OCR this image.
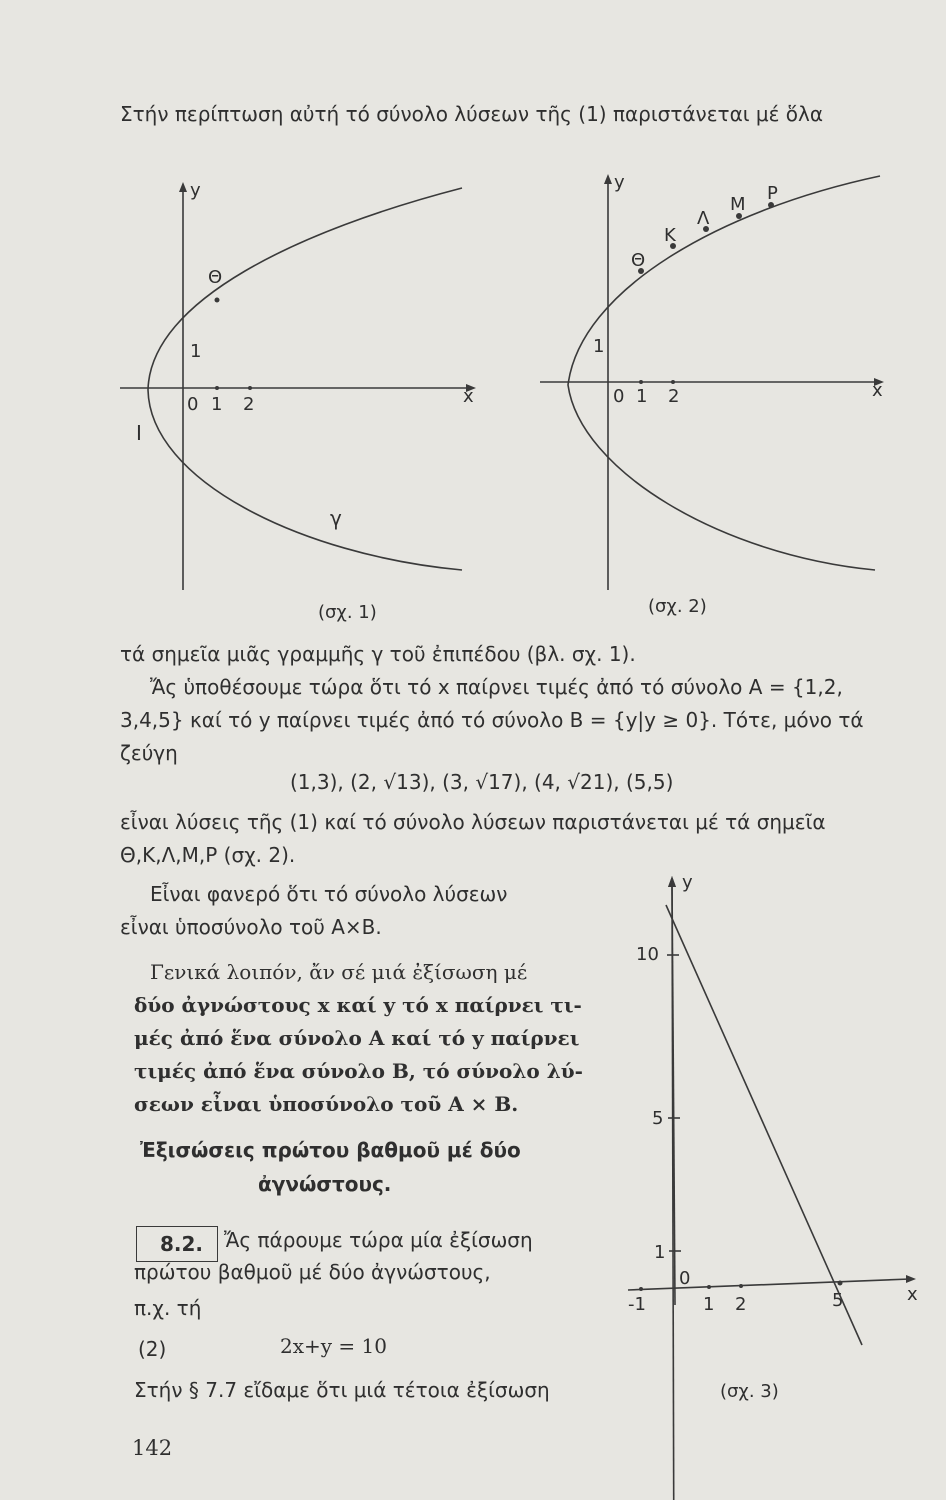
Στήν περίπτωση αὐτή τό σύνολο λύσεων τῆς (1) παριστάνεται μέ ὅλα
y
x
0 1 2
1
Θ
I
γ
(σχ. 1)
y
x
0 1 2
1
Θ
Κ
Λ
Μ
Ρ
(σχ. 2)
τά σημεῖα μιᾶς γραμμῆς γ τοῦ ἐπιπέδου (βλ. σχ. 1).
Ἄς ὑποθέσουμε τώρα ὅτι τό x παίρνει τιμές ἀπό τό σύνολο A = {1,2,
3,4,5} καί τό y παίρνει τιμές ἀπό τό σύνολο B = {y|y ≥ 0}. Τότε, μόνο τά
ζεύγη
(1,3), (2, √13), (3, √17), (4, √21), (5,5)
εἶναι λύσεις τῆς (1) καί τό σύνολο λύσεων παριστάνεται μέ τά σημεῖα
Θ,Κ,Λ,Μ,Ρ (σχ. 2).
Εἶναι φανερό ὅτι τό σύνολο λύσεων
εἶναι ὑποσύνολο τοῦ A×B.
Γενικά λοιπόν, ἄν σέ μιά ἐξίσωση μέ
δύο ἀγνώστους x καί y τό x παίρνει τι-
μές ἀπό ἕνα σύνολο A καί τό y παίρνει
τιμές ἀπό ἕνα σύνολο B, τό σύνολο λύ-
σεων εἶναι ὑποσύνολο τοῦ A × B.
Ἐξισώσεις πρώτου βαθμοῦ μέ δύο
ἀγνώστους.
8.2. Ἄς πάρουμε τώρα μία ἐξίσωση
πρώτου βαθμοῦ μέ δύο ἀγνώστους,
π.χ. τή
(2)	2x+y = 10
Στήν § 7.7 εἴδαμε ὅτι μιά τέτοια ἐξίσωση
y
x
10
5
1
0
-1	1 2	5
(σχ. 3)
142
